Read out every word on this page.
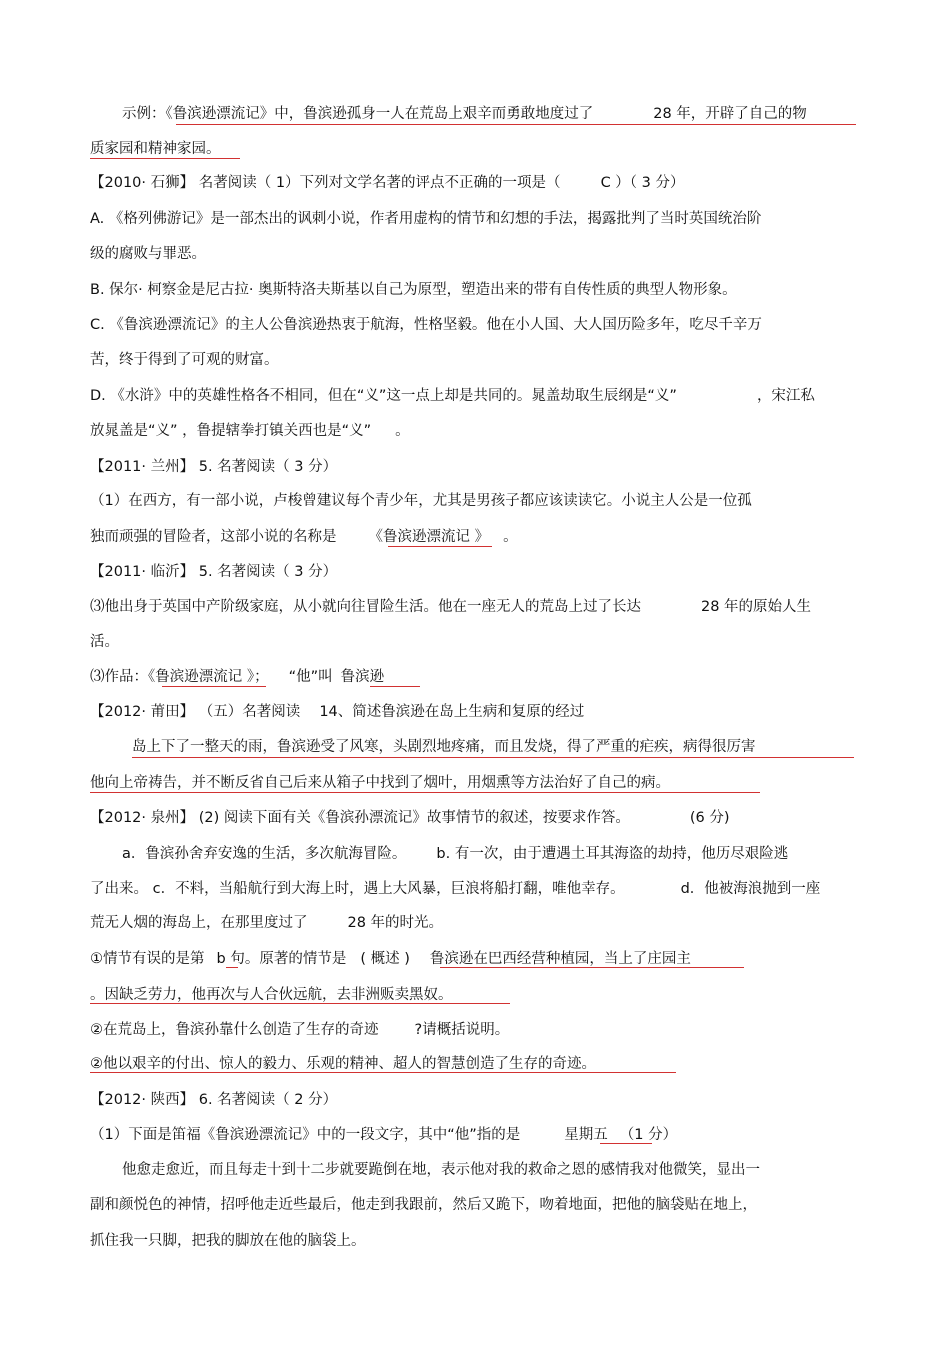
示例：《鲁滨逊漂流记》中，鲁滨逊孤身一人在荒岛上艰辛而勇敢地度过了	28 年，开辟了自己的物
质家园和精神家园。
【2010· 石狮】 名著阅读（ 1）下列对文学名著的评点不正确的一项是（	C ）（ 3 分）
A. 《格列佛游记》是一部杰出的讽刺小说，作者用虚构的情节和幻想的手法，揭露批判了当时英国统治阶
级的腐败与罪恶。
B. 保尔· 柯察金是尼古拉· 奥斯特洛夫斯基以自己为原型，塑造出来的带有自传性质的典型人物形象。
C. 《鲁滨逊漂流记》的主人公鲁滨逊热衷于航海，性格坚毅。他在小人国、大人国历险多年，吃尽千辛万
苦，终于得到了可观的财富。
D. 《水浒》中的英雄性格各不相同，但在“义”这一点上却是共同的。晁盖劫取生辰纲是“义”	，宋江私
放晁盖是“义” ，鲁提辖拳打镇关西也是“义” 。
【2011· 兰州】 5. 名著阅读（ 3 分）
（1）在西方，有一部小说，卢梭曾建议每个青少年，尤其是男孩子都应该读读它。小说主人公是一位孤
独而顽强的冒险者，这部小说的名称是 《鲁滨逊漂流记 》 。
【2011· 临沂】 5. 名著阅读（ 3 分）
⑶他出身于英国中产阶级家庭，从小就向往冒险生活。他在一座无人的荒岛上过了长达	28 年的原始人生
活。
⑶作品：《鲁滨逊漂流记 》； “他”叫 鲁滨逊
【2012· 莆田】 （五）名著阅读　 14、简述鲁滨逊在岛上生病和复原的经过
岛上下了一整天的雨，鲁滨逊受了风寒，头剧烈地疼痛，而且发烧，得了严重的疟疾，病得很厉害
他向上帝祷告，并不断反省自己后来从箱子中找到了烟叶，用烟熏等方法治好了自己的病。
【2012· 泉州】 (2) 阅读下面有关《鲁滨孙漂流记》故事情节的叙述，按要求作答。	(6 分)
a．鲁滨孙舍弃安逸的生活，多次航海冒险。 b. 有一次，由于遭遇土耳其海盗的劫持，他历尽艰险逃
了出来。 c．不料，当船航行到大海上时，遇上大风暴，巨浪将船打翻，唯他幸存。	d．他被海浪抛到一座
荒无人烟的海岛上，在那里度过了	28 年的时光。
①情节有误的是第 b 句。原著的情节是 ( 概述 ) 鲁滨逊在巴西经营种植园，当上了庄园主
。因缺乏劳力，他再次与人合伙远航，去非洲贩卖黑奴。
②在荒岛上，鲁滨孙靠什么创造了生存的奇迹 ?请概括说明。
②他以艰辛的付出、惊人的毅力、乐观的精神、超人的智慧创造了生存的奇迹。
【2012· 陕西】 6. 名著阅读（ 2 分）
（1）下面是笛福《鲁滨逊漂流记》中的一段文字，其中“他”指的是	星期五 （1 分）
他愈走愈近，而且每走十到十二步就要跪倒在地，表示他对我的救命之恩的感情我对他微笑，显出一
副和颜悦色的神情，招呼他走近些最后，他走到我跟前，然后又跪下，吻着地面，把他的脑袋贴在地上，
抓住我一只脚，把我的脚放在他的脑袋上。
